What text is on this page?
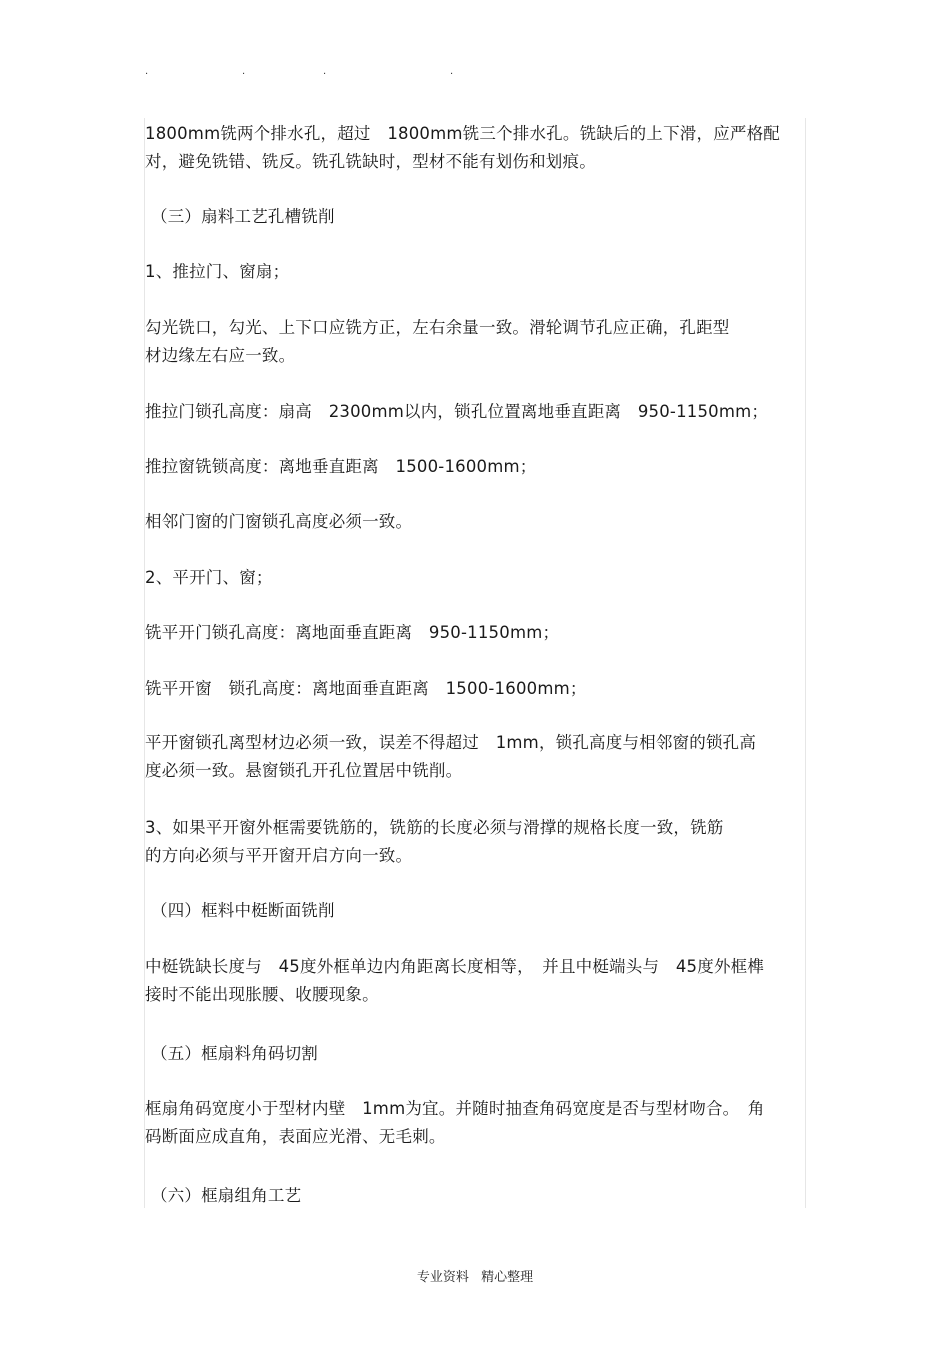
.	.	.	.
1800mm铣两个排水孔，超过　1800mm铣三个排水孔。铣缺后的上下滑，应严格配
对，避免铣错、铣反。铣孔铣缺时，型材不能有划伤和划痕。
（三）扇料工艺孔槽铣削
1、推拉门、窗扇；
勾光铣口，勾光、上下口应铣方正，左右余量一致。滑轮调节孔应正确，孔距型
材边缘左右应一致。
推拉门锁孔高度：扇高　2300mm以内，锁孔位置离地垂直距离　950-1150mm；
推拉窗铣锁高度：离地垂直距离　1500-1600mm；
相邻门窗的门窗锁孔高度必须一致。
2、平开门、窗；
铣平开门锁孔高度：离地面垂直距离　950-1150mm；
铣平开窗　锁孔高度：离地面垂直距离　1500-1600mm；
平开窗锁孔离型材边必须一致，误差不得超过　1mm，锁孔高度与相邻窗的锁孔高
度必须一致。悬窗锁孔开孔位置居中铣削。
3、如果平开窗外框需要铣筋的，铣筋的长度必须与滑撑的规格长度一致，铣筋
的方向必须与平开窗开启方向一致。
（四）框料中梃断面铣削
中梃铣缺长度与　45度外框单边内角距离长度相等，　并且中梃端头与　45度外框榫
接时不能出现胀腰、收腰现象。
（五）框扇料角码切割
框扇角码宽度小于型材内壁　1mm为宜。并随时抽查角码宽度是否与型材吻合。　角
码断面应成直角，表面应光滑、无毛刺。
（六）框扇组角工艺
专业资料 精心整理
